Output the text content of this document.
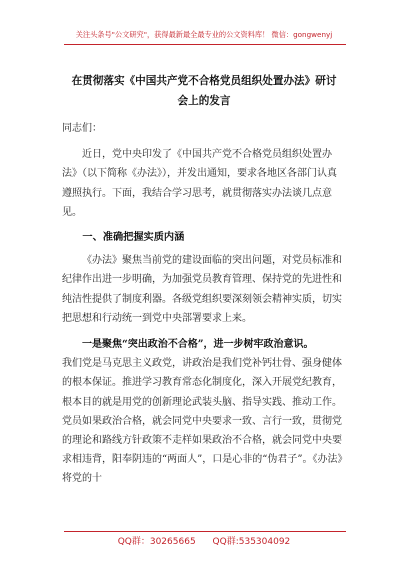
关注头条号"公文研究"，获得最新最全最专业的公文资料库！ 微信：gongwenyj
在贯彻落实《中国共产党不合格党员组织处置办法》研讨
会上的发言

同志们：

近日，党中央印发了《中国共产党不合格党员组织处置办法》（以下简称《办法》），并发出通知，要求各地区各部门认真遵照执行。下面，我结合学习思考，就贯彻落实办法谈几点意见。

一、准确把握实质内涵

《办法》聚焦当前党的建设面临的突出问题，对党员标准和纪律作出进一步明确，为加强党员教育管理、保持党的先进性和纯洁性提供了制度利器。各级党组织要深刻领会精神实质，切实把思想和行动统一到党中央部署要求上来。

一是聚焦“突出政治不合格”，进一步树牢政治意识。

我们党是马克思主义政党，讲政治是我们党补钙壮骨、强身健体的根本保证。推进学习教育常态化制度化，深入开展党纪教育，根本目的就是用党的创新理论武装头脑、指导实践、推动工作。党员如果政治合格，就会同党中央要求一致、言行一致，贯彻党的理论和路线方针政策不走样如果政治不合格，就会同党中央要求相违背，阳奉阴违的“两面人”，口是心非的“伪君子”。《办法》将党的十

QQ群：30265665 QQ群:535304092
